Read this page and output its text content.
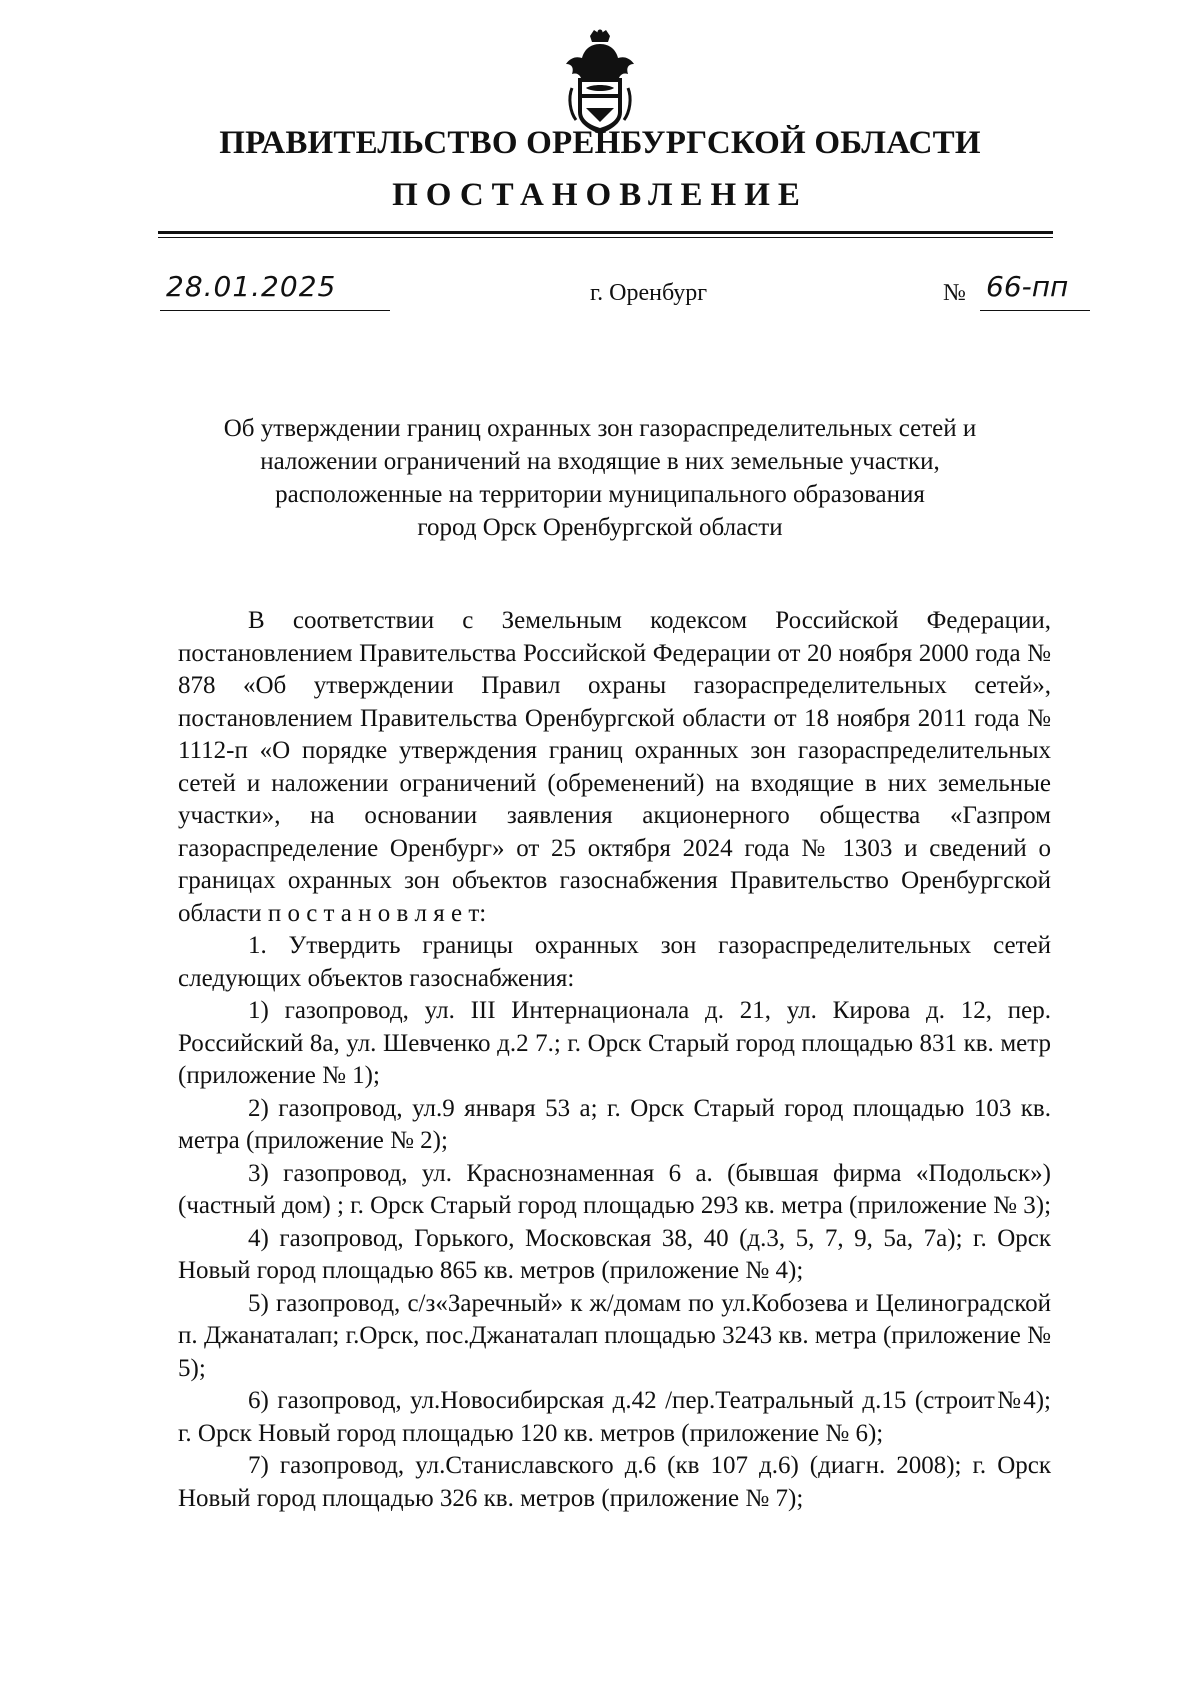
ПРАВИТЕЛЬСТВО ОРЕНБУРГСКОЙ ОБЛАСТИ
ПОСТАНОВЛЕНИЕ
28.01.2025	г. Оренбург	№ 66-пп
Об утверждении границ охранных зон газораспределительных сетей и
наложении ограничений на входящие в них земельные участки,
расположенные на территории муниципального образования
город Орск Оренбургской области

В соответствии с Земельным кодексом Российской Федерации, постановлением Правительства Российской Федерации от 20 ноября 2000 года № 878 «Об утверждении Правил охраны газораспределительных сетей», постановлением Правительства Оренбургской области от 18 ноября 2011 года № 1112-п «О порядке утверждения границ охранных зон газораспределительных сетей и наложении ограничений (обременений) на входящие в них земельные участки», на основании заявления акционерного общества «Газпром газораспределение Оренбург» от 25 октября 2024 года № 1303 и сведений о границах охранных зон объектов газоснабжения Правительство Оренбургской области п о с т а н о в л я е т:

1. Утвердить границы охранных зон газораспределительных сетей следующих объектов газоснабжения:

1) газопровод, ул. III Интернационала д. 21, ул. Кирова д. 12, пер. Российский 8а, ул. Шевченко д.2 7.; г. Орск Старый город площадью 831 кв. метр (приложение № 1);

2) газопровод, ул.9 января 53 а; г. Орск Старый город площадью 103 кв. метра (приложение № 2);

3) газопровод, ул. Краснознаменная 6 а. (бывшая фирма «Подольск») (частный дом) ; г. Орск Старый город площадью 293 кв. метра (приложение № 3);

4) газопровод, Горького, Московская 38, 40 (д.3, 5, 7, 9, 5а, 7а); г. Орск Новый город площадью 865 кв. метров (приложение № 4);

5) газопровод, с/з«Заречный» к ж/домам по ул.Кобозева и Целиноградской п. Джанаталап; г.Орск, пос.Джанаталап площадью 3243 кв. метра (приложение № 5);

6) газопровод, ул.Новосибирская д.42 /пер.Театральный д.15 (строит№4); г. Орск Новый город площадью 120 кв. метров (приложение № 6);

7) газопровод, ул.Станиславского д.6 (кв 107 д.6) (диагн. 2008); г. Орск Новый город площадью 326 кв. метров (приложение № 7);
